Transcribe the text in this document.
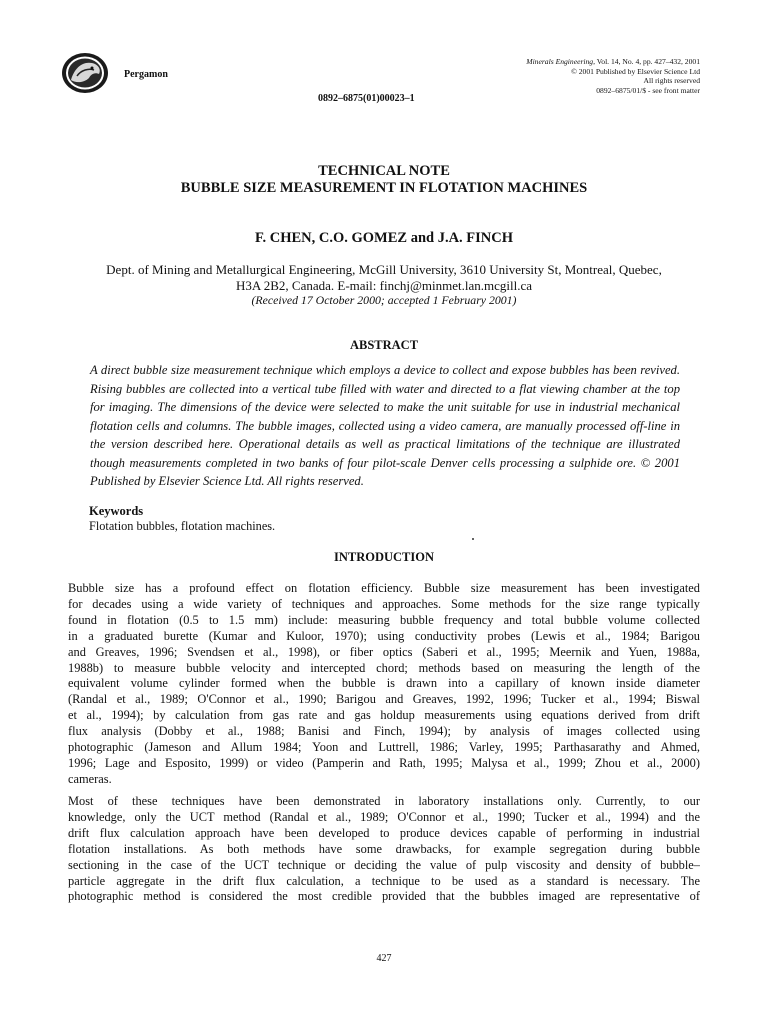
Pergamon
Minerals Engineering, Vol. 14, No. 4, pp. 427–432, 2001
© 2001 Published by Elsevier Science Ltd
All rights reserved
0892–6875/01/$ - see front matter
0892–6875(01)00023–1
TECHNICAL NOTE
BUBBLE SIZE MEASUREMENT IN FLOTATION MACHINES
F. CHEN, C.O. GOMEZ and J.A. FINCH
Dept. of Mining and Metallurgical Engineering, McGill University, 3610 University St, Montreal, Quebec,
H3A 2B2, Canada. E-mail: finchj@minmet.lan.mcgill.ca
(Received 17 October 2000; accepted 1 February 2001)
ABSTRACT
A direct bubble size measurement technique which employs a device to collect and expose bubbles has been revived. Rising bubbles are collected into a vertical tube filled with water and directed to a flat viewing chamber at the top for imaging. The dimensions of the device were selected to make the unit suitable for use in industrial mechanical flotation cells and columns. The bubble images, collected using a video camera, are manually processed off-line in the version described here. Operational details as well as practical limitations of the technique are illustrated though measurements completed in two banks of four pilot-scale Denver cells processing a sulphide ore. © 2001 Published by Elsevier Science Ltd. All rights reserved.
Keywords
Flotation bubbles, flotation machines.
INTRODUCTION
Bubble size has a profound effect on flotation efficiency. Bubble size measurement has been investigated
for decades using a wide variety of techniques and approaches. Some methods for the size range typically
found in flotation (0.5 to 1.5 mm) include: measuring bubble frequency and total bubble volume collected
in a graduated burette (Kumar and Kuloor, 1970); using conductivity probes (Lewis et al., 1984; Barigou
and Greaves, 1996; Svendsen et al., 1998), or fiber optics (Saberi et al., 1995; Meernik and Yuen, 1988a,
1988b) to measure bubble velocity and intercepted chord; methods based on measuring the length of the
equivalent volume cylinder formed when the bubble is drawn into a capillary of known inside diameter
(Randal et al., 1989; O'Connor et al., 1990; Barigou and Greaves, 1992, 1996; Tucker et al., 1994; Biswal
et al., 1994); by calculation from gas rate and gas holdup measurements using equations derived from drift
flux analysis (Dobby et al., 1988; Banisi and Finch, 1994); by analysis of images collected using
photographic (Jameson and Allum 1984; Yoon and Luttrell, 1986; Varley, 1995; Parthasarathy and Ahmed,
1996; Lage and Esposito, 1999) or video (Pamperin and Rath, 1995; Malysa et al., 1999; Zhou et al., 2000)
cameras.
Most of these techniques have been demonstrated in laboratory installations only. Currently, to our
knowledge, only the UCT method (Randal et al., 1989; O'Connor et al., 1990; Tucker et al., 1994) and the
drift flux calculation approach have been developed to produce devices capable of performing in industrial
flotation installations. As both methods have some drawbacks, for example segregation during bubble
sectioning in the case of the UCT technique or deciding the value of pulp viscosity and density of bubble–
particle aggregate in the drift flux calculation, a technique to be used as a standard is necessary. The
photographic method is considered the most credible provided that the bubbles imaged are representative of
427
